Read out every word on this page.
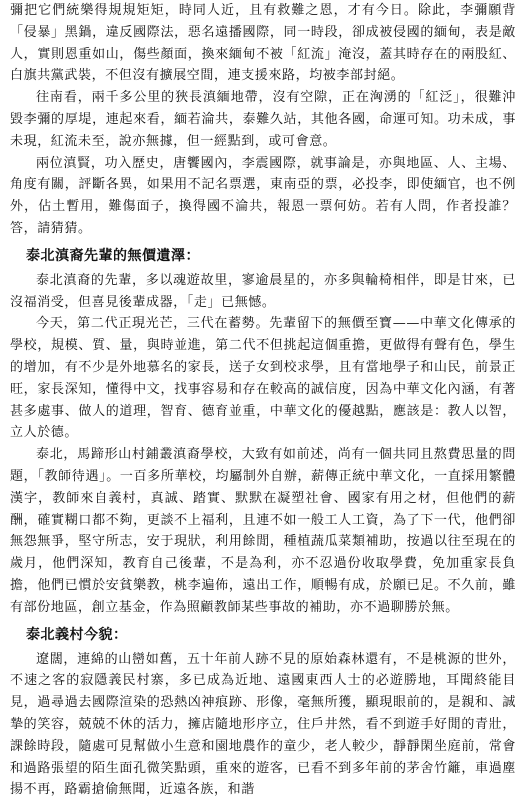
彌把它們統樂得規規矩矩，時同人近，且有救難之恩，才有今日。除此，李彌願背「侵暴」黑鍋，違反國際法，惡名遠播國際，同一時段，卻成被侵國的緬甸，表是敵人，實則恩重如山，傷些顏面，換來緬甸不被「紅流」淹沒，蓋其時存在的兩股紅、白旗共黨武裝，不但沒有擴展空間，連支援來路，均被李部封絕。

往南看，兩千多公里的狹長滇緬地帶，沒有空隙，正在洶湧的「紅泛」，很難沖毀李彌的厚堤，連起來看，緬若淪共，泰難久站，其他各國，命運可知。功未成，事未現，紅流未至，說亦無據，但一經點到，或可會意。

兩位滇賢，功入歷史，唐饗國內，李震國際，就事論是，亦與地區、人、主場、角度有關，評斷各異，如果用不記名票選，東南亞的票，必投李，即使緬官，也不例外，佔土暫用，難傷面子，換得國不淪共，報恩一票何妨。若有人問，作者投誰？答，請猜猜。

泰北滇裔先輩的無價遺澤：

泰北滇裔的先輩，多以魂遊故里，寥逾晨星的，亦多與輪椅相伴，即是甘來，已沒福消受，但喜見後輩成器，「走」已無憾。

今天，第二代正現光芒，三代在蓄勢。先輩留下的無價至寶——中華文化傳承的學校，規模、質、量，與時並進，第二代不但挑起這個重擔，更做得有聲有色，學生的增加，有不少是外地慕名的家長，送子女到校求學，且有當地學子和山民，前景正旺，家長深知，懂得中文，找事容易和存在較高的誠信度，因為中華文化內涵，有著甚多處事、做人的道理，智育、德育並重，中華文化的優越點，應該是：教人以智，立人於德。

泰北，馬蹄形山村鋪叢滇裔學校，大致有如前述，尚有一個共同且熬費思量的問題，「教師待遇」。一百多所華校，均屬制外自辦，薪傳正統中華文化，一直採用繁體漢字，教師來自義村，真誠、踏實、默默在凝塑社會、國家有用之材，但他們的薪酬，確實糊口都不夠，更談不上福利，且連不如一般工人工資，為了下一代，他們卻無怨無爭，堅守所志，安于現狀，利用餘閒，種植蔬瓜菜類補助，按過以往至現在的歲月，他們深知，教育自己後輩，不是為利，亦不忍過份收取學費，免加重家長負擔，他們已慣於安貧樂教，桃李遍佈，遠出工作，順暢有成，於願已足。不久前，雖有部份地區，創立基金，作為照顧教師某些事故的補助，亦不過聊勝於無。

泰北義村今貌：

遼闊，連綿的山巒如舊，五十年前人跡不見的原始森林還有，不是桃源的世外，不速之客的寂隱義民村寨，多已成為近地、遠國東西人士的必遊勝地，耳聞終能目見，過尋過去國際渲染的恐熱凶神痕跡、形像，毫無所獲，顯現眼前的，是親和、誠摯的笑容，兢兢不休的活力，擁店隨地形序立，住戶井然，看不到遊手好閒的青壯，課餘時段，隨處可見幫做小生意和園地農作的童少，老人較少，靜靜閑坐庭前，常會和過路張望的陌生面孔微笑點頭，重來的遊客，已看不到多年前的茅舍竹籬，車過塵揚不再，路霸搶偷無聞，近遠各族，和諧
